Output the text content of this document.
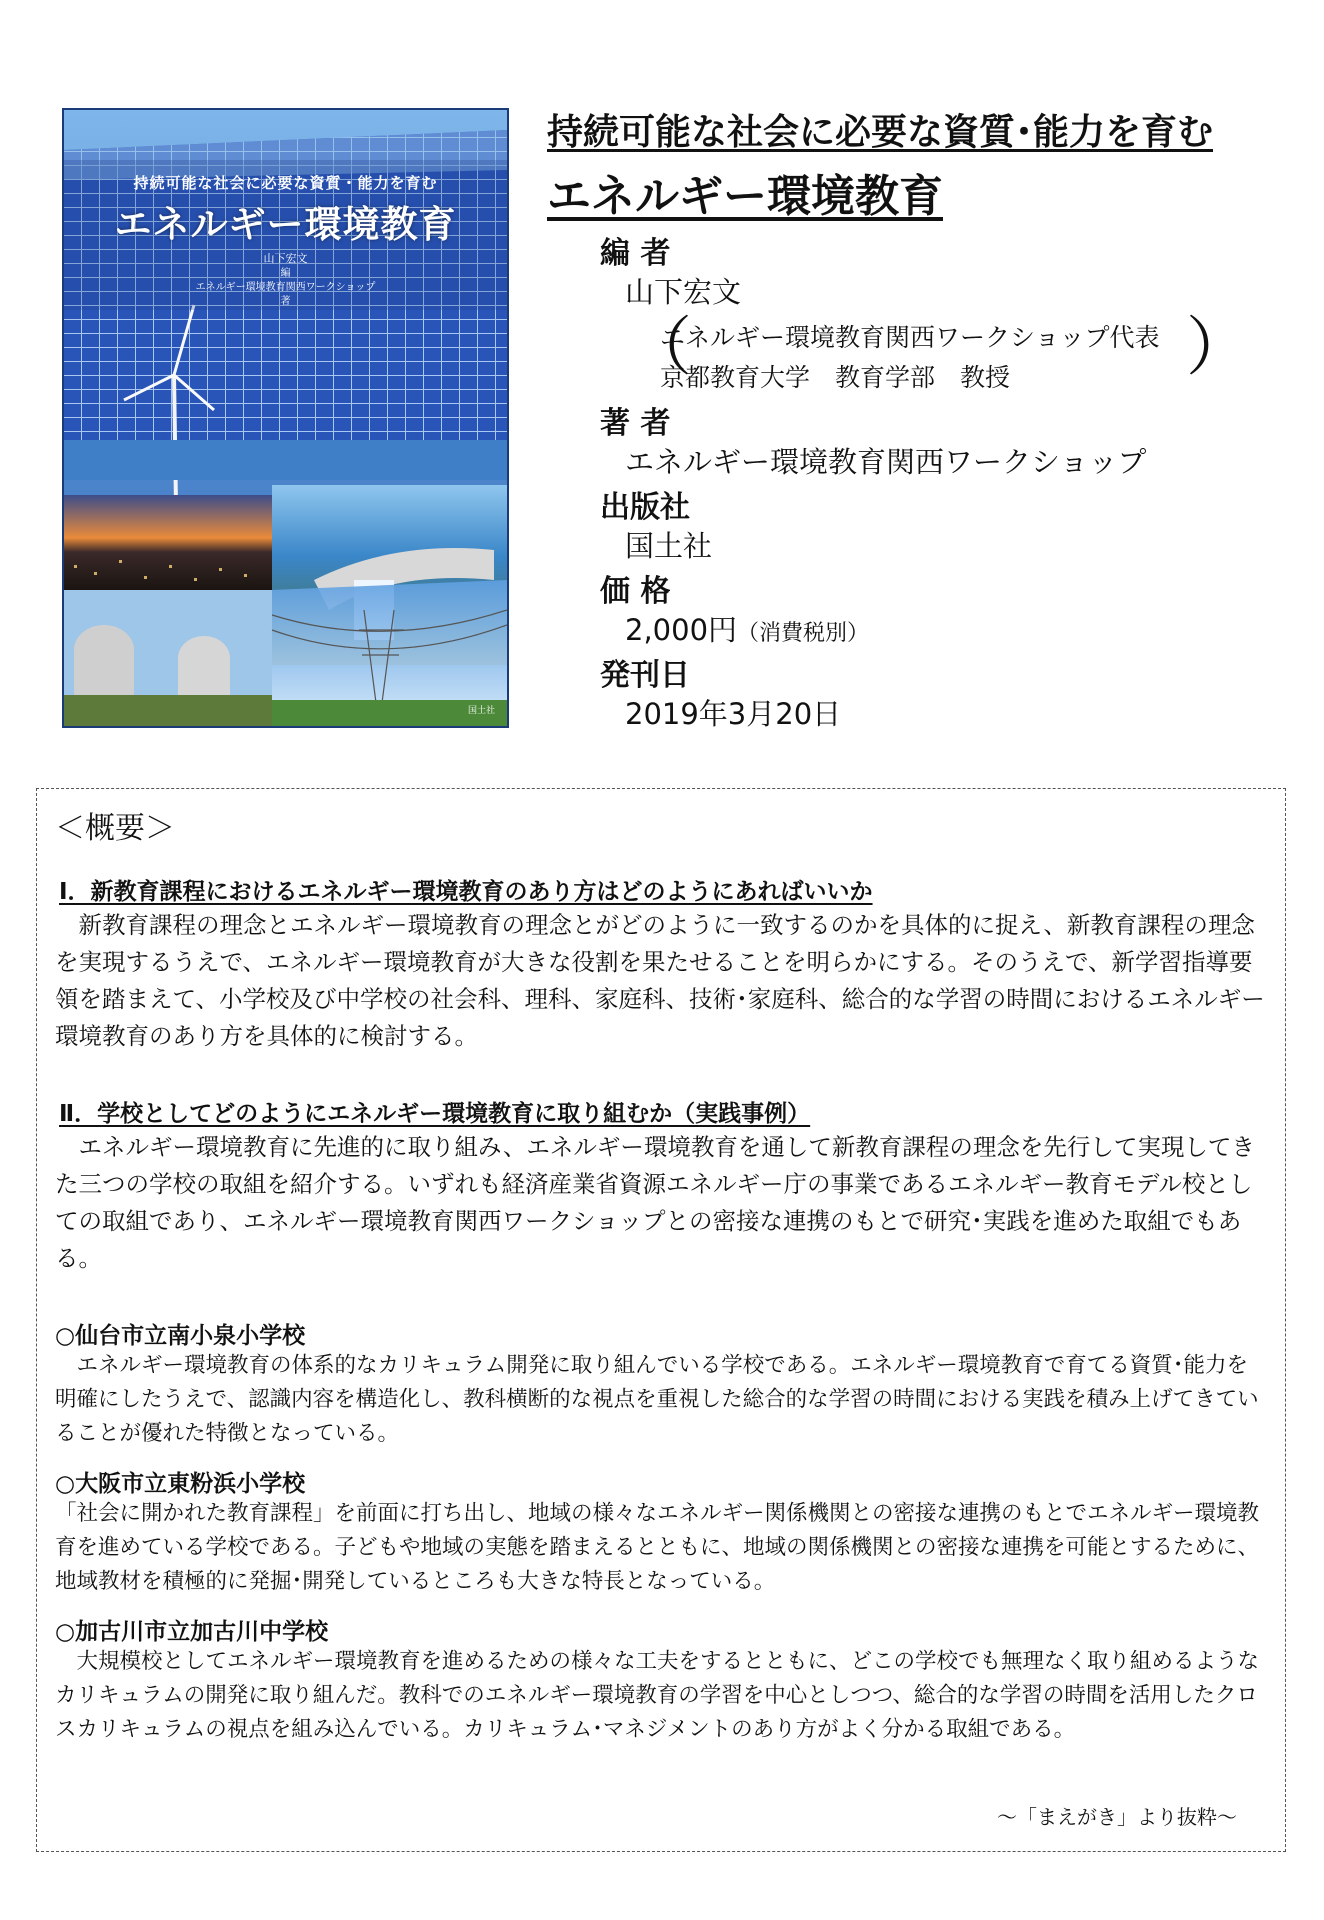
持続可能な社会に必要な資質・能力を育む
エネルギー環境教育
山下宏文
編
エネルギー環境教育関西ワークショップ
著
国土社
持続可能な社会に必要な資質･能力を育む
エネルギー環境教育
編 者
山下宏文
（
エネルギー環境教育関西ワークショップ代表
京都教育大学　教育学部　教授	）
著 者
エネルギー環境教育関西ワークショップ
出版社
国土社
価 格
2,000円（消費税別）
発刊日
2019年3月20日
＜概要＞
Ⅰ．新教育課程におけるエネルギー環境教育のあり方はどのようにあればいいか
　新教育課程の理念とエネルギー環境教育の理念とがどのように一致するのかを具体的に捉え、新教育課程の理念を実現するうえで、エネルギー環境教育が大きな役割を果たせることを明らかにする。そのうえで、新学習指導要領を踏まえて、小学校及び中学校の社会科、理科、家庭科、技術･家庭科、総合的な学習の時間におけるエネルギー環境教育のあり方を具体的に検討する。
Ⅱ．学校としてどのようにエネルギー環境教育に取り組むか（実践事例）
　エネルギー環境教育に先進的に取り組み、エネルギー環境教育を通して新教育課程の理念を先行して実現してきた三つの学校の取組を紹介する。いずれも経済産業省資源エネルギー庁の事業であるエネルギー教育モデル校としての取組であり、エネルギー環境教育関西ワークショップとの密接な連携のもとで研究･実践を進めた取組でもある。
○仙台市立南小泉小学校
　エネルギー環境教育の体系的なカリキュラム開発に取り組んでいる学校である。エネルギー環境教育で育てる資質･能力を明確にしたうえで、認識内容を構造化し、教科横断的な視点を重視した総合的な学習の時間における実践を積み上げてきていることが優れた特徴となっている。
○大阪市立東粉浜小学校
「社会に開かれた教育課程」を前面に打ち出し、地域の様々なエネルギー関係機関との密接な連携のもとでエネルギー環境教育を進めている学校である。子どもや地域の実態を踏まえるとともに、地域の関係機関との密接な連携を可能とするために、地域教材を積極的に発掘･開発しているところも大きな特長となっている。
○加古川市立加古川中学校
　大規模校としてエネルギー環境教育を進めるための様々な工夫をするとともに、どこの学校でも無理なく取り組めるようなカリキュラムの開発に取り組んだ。教科でのエネルギー環境教育の学習を中心としつつ、総合的な学習の時間を活用したクロスカリキュラムの視点を組み込んでいる。カリキュラム･マネジメントのあり方がよく分かる取組である。
～「まえがき」より抜粋～
